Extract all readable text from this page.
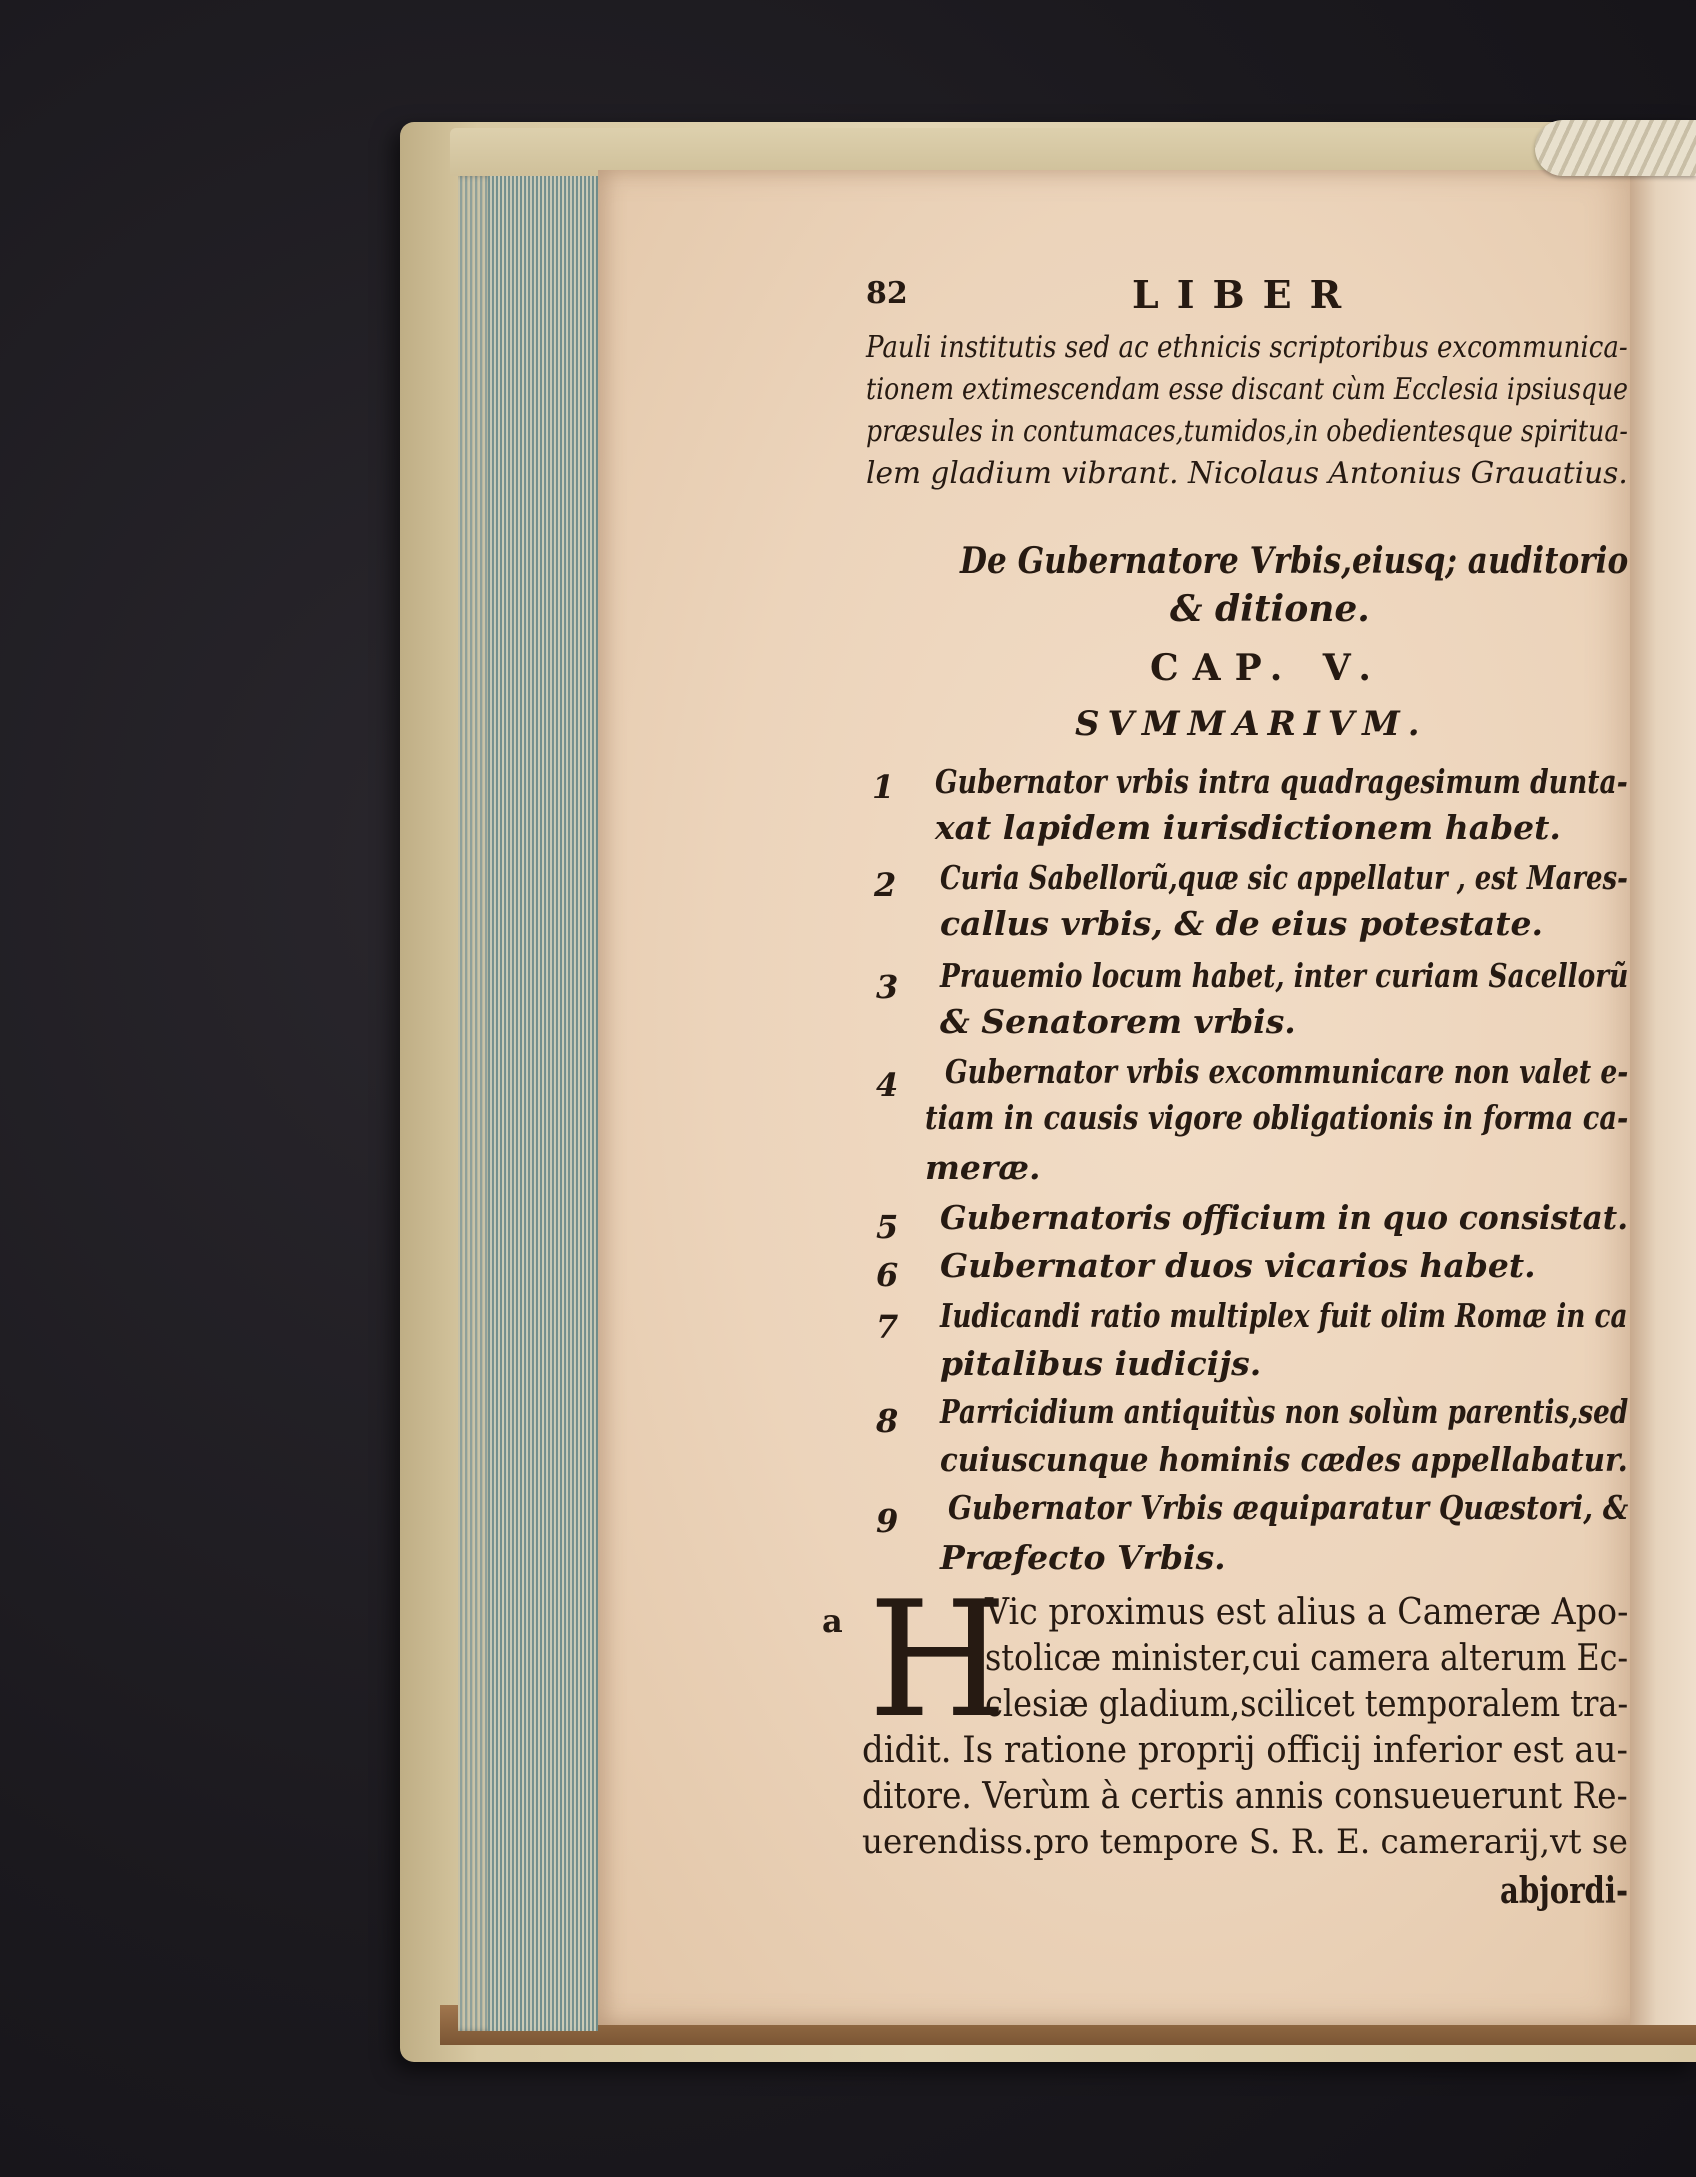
82	LIBER
Pauli institutis sed ac ethnicis scriptoribus excommunica-
tionem extimescendam esse discant cùm Ecclesia ipsiusque
præsules in contumaces,tumidos,in obedientesque spiritua-
lem gladium vibrant. Nicolaus Antonius Grauatius.
De Gubernatore Vrbis,eiusq; auditorio
& ditione.
CAP. V.
SVMMARIVM.
1 Gubernator vrbis intra quadragesimum dunta-
xat lapidem iurisdictionem habet.
2 Curia Sabellorũ,quæ sic appellatur , est Mares-
callus vrbis, & de eius potestate.
3 Prauemio locum habet, inter curiam Sacellorũ
& Senatorem vrbis.
4 Gubernator vrbis excommunicare non valet e-
tiam in causis vigore obligationis in forma ca-
meræ.
5 Gubernatoris officium in quo consistat.
6 Gubernator duos vicarios habet.
7 Iudicandi ratio multiplex fuit olim Romæ in ca
pitalibus iudicijs.
8 Parricidium antiquitùs non solùm parentis,sed
cuiuscunque hominis cædes appellabatur.
9 Gubernator Vrbis æquiparatur Quæstori, &
Præfecto Vrbis.
a H
Vic proximus est alius a Cameræ Apo-
stolicæ minister,cui camera alterum Ec-
clesiæ gladium,scilicet temporalem tra-
didit. Is ratione proprij officij inferior est au-
ditore. Verùm à certis annis consueuerunt Re-
uerendiss.pro tempore S. R. E. camerarij,vt se
abjordi-
